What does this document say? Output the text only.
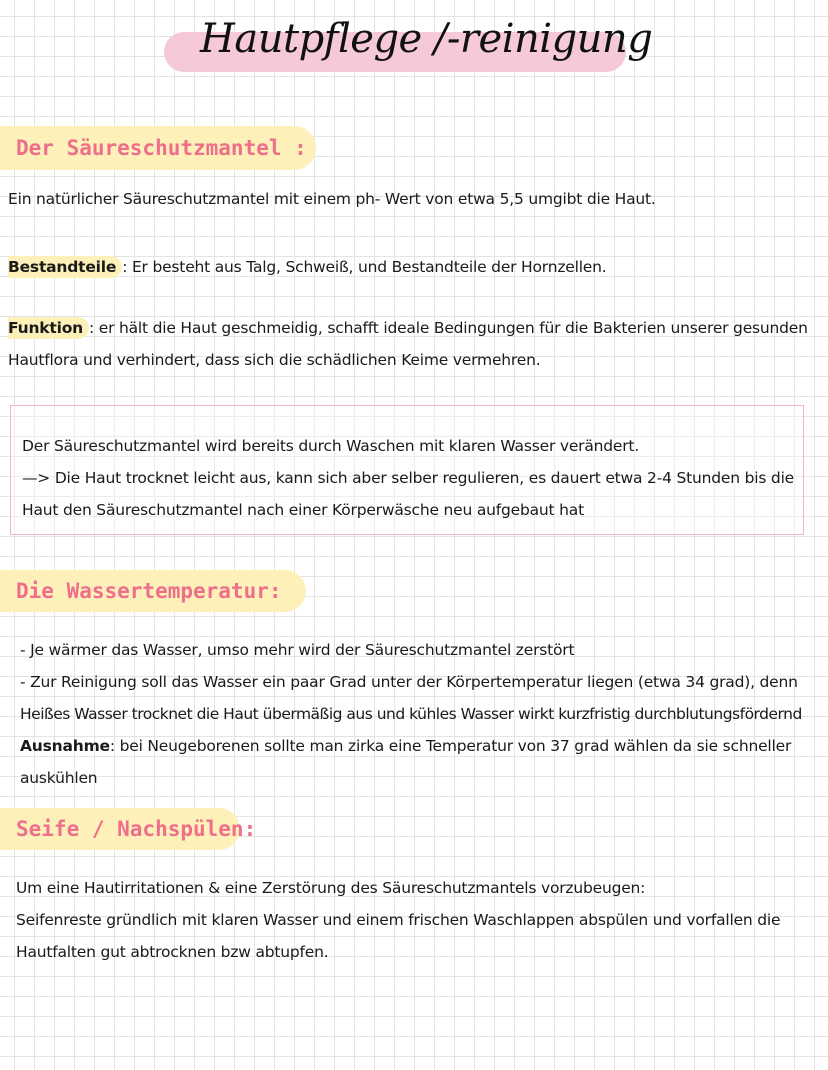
Hautpflege /-reinigung
Der Säureschutzmantel :
Ein natürlicher Säureschutzmantel mit einem ph- Wert von etwa 5,5 umgibt die Haut.
Bestandteile : Er besteht aus Talg, Schweiß, und Bestandteile der Hornzellen.
Funktion : er hält die Haut geschmeidig, schafft ideale Bedingungen für die Bakterien unserer gesunden
Hautflora und verhindert, dass sich die schädlichen Keime vermehren.
Der Säureschutzmantel wird bereits durch Waschen mit klaren Wasser verändert.
—> Die Haut trocknet leicht aus, kann sich aber selber regulieren, es dauert etwa 2-4 Stunden bis die
Haut den Säureschutzmantel nach einer Körperwäsche neu aufgebaut hat
Die Wassertemperatur:
- Je wärmer das Wasser, umso mehr wird der Säureschutzmantel zerstört
- Zur Reinigung soll das Wasser ein paar Grad unter der Körpertemperatur liegen (etwa 34 grad), denn
Heißes Wasser trocknet die Haut übermäßig aus und kühles Wasser wirkt kurzfristig durchblutungsfördernd
Ausnahme: bei Neugeborenen sollte man zirka eine Temperatur von 37 grad wählen da sie schneller
auskühlen
Seife / Nachspülen:
Um eine Hautirritationen & eine Zerstörung des Säureschutzmantels vorzubeugen:
Seifenreste gründlich mit klaren Wasser und einem frischen Waschlappen abspülen und vorfallen die
Hautfalten gut abtrocknen bzw abtupfen.
